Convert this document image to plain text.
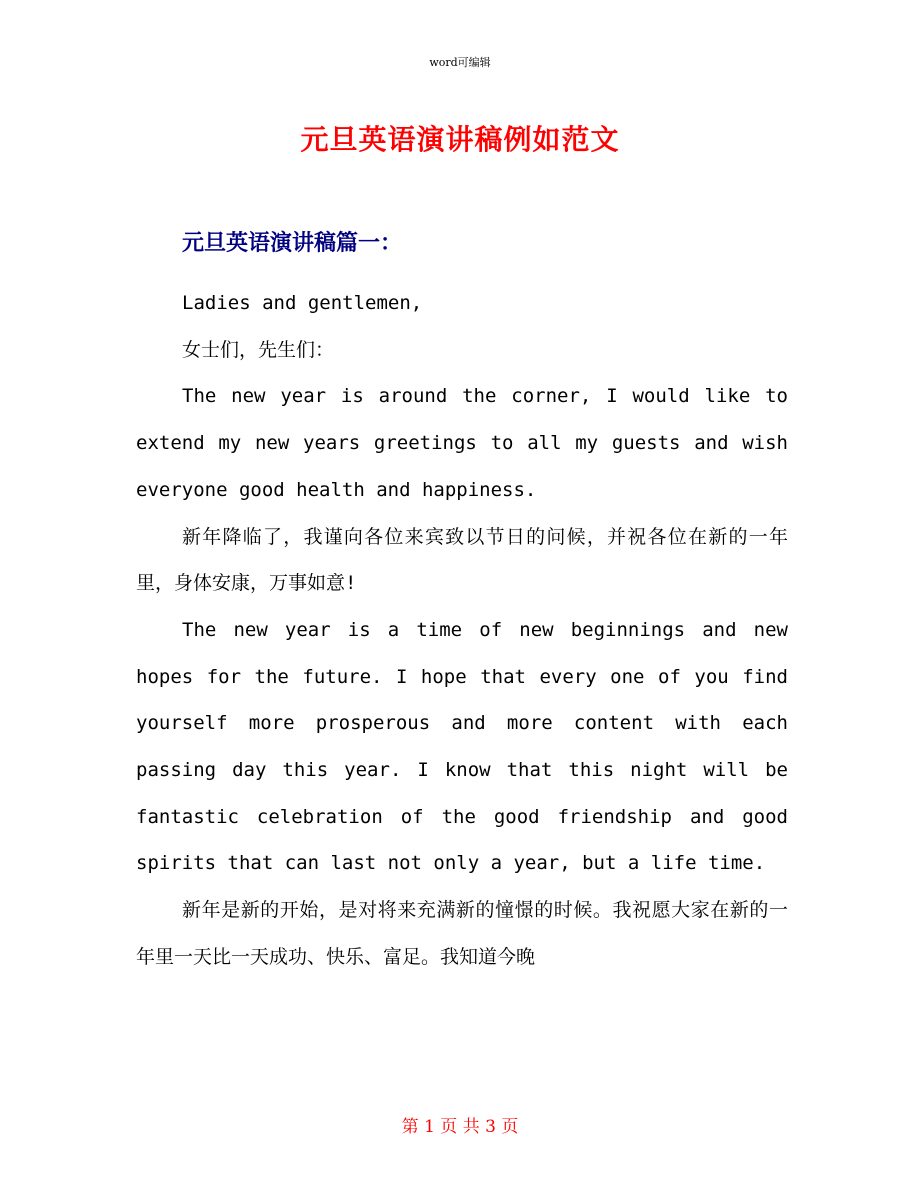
word可编辑
元旦英语演讲稿例如范文
元旦英语演讲稿篇一：

Ladies and gentlemen,

女士们，先生们：

The new year is around the corner, I would like to extend my new years greetings to all my guests and wish everyone good health and happiness.

新年降临了，我谨向各位来宾致以节日的问候，并祝各位在新的一年里，身体安康，万事如意!

The new year is a time of new beginnings and new hopes for the future. I hope that every one of you find yourself more prosperous and more content with each passing day this year. I know that this night will be fantastic celebration of the good friendship and good spirits that can last not only a year, but a life time.

新年是新的开始，是对将来充满新的憧憬的时候。我祝愿大家在新的一年里一天比一天成功、快乐、富足。我知道今晚

第 1 页 共 3 页
